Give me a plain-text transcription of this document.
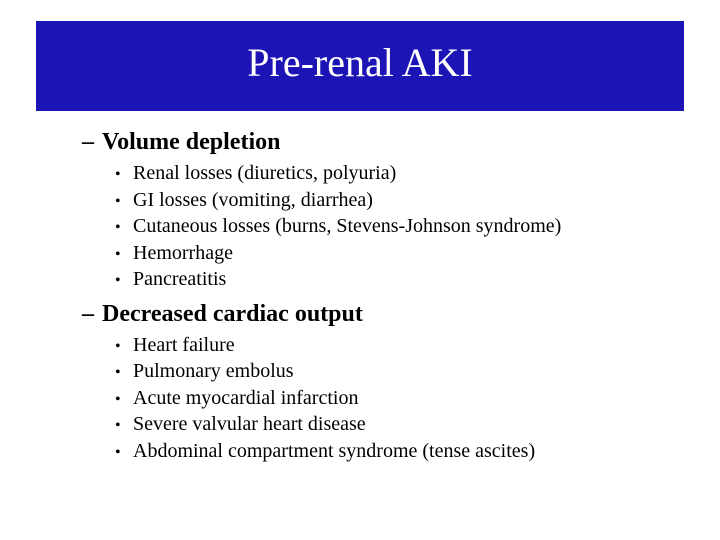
Pre-renal AKI
– Volume depletion
• Renal losses (diuretics, polyuria)
• GI losses (vomiting, diarrhea)
• Cutaneous losses (burns, Stevens-Johnson syndrome)
• Hemorrhage
• Pancreatitis
– Decreased cardiac output
• Heart failure
• Pulmonary embolus
• Acute myocardial infarction
• Severe valvular heart disease
• Abdominal compartment syndrome (tense ascites)
